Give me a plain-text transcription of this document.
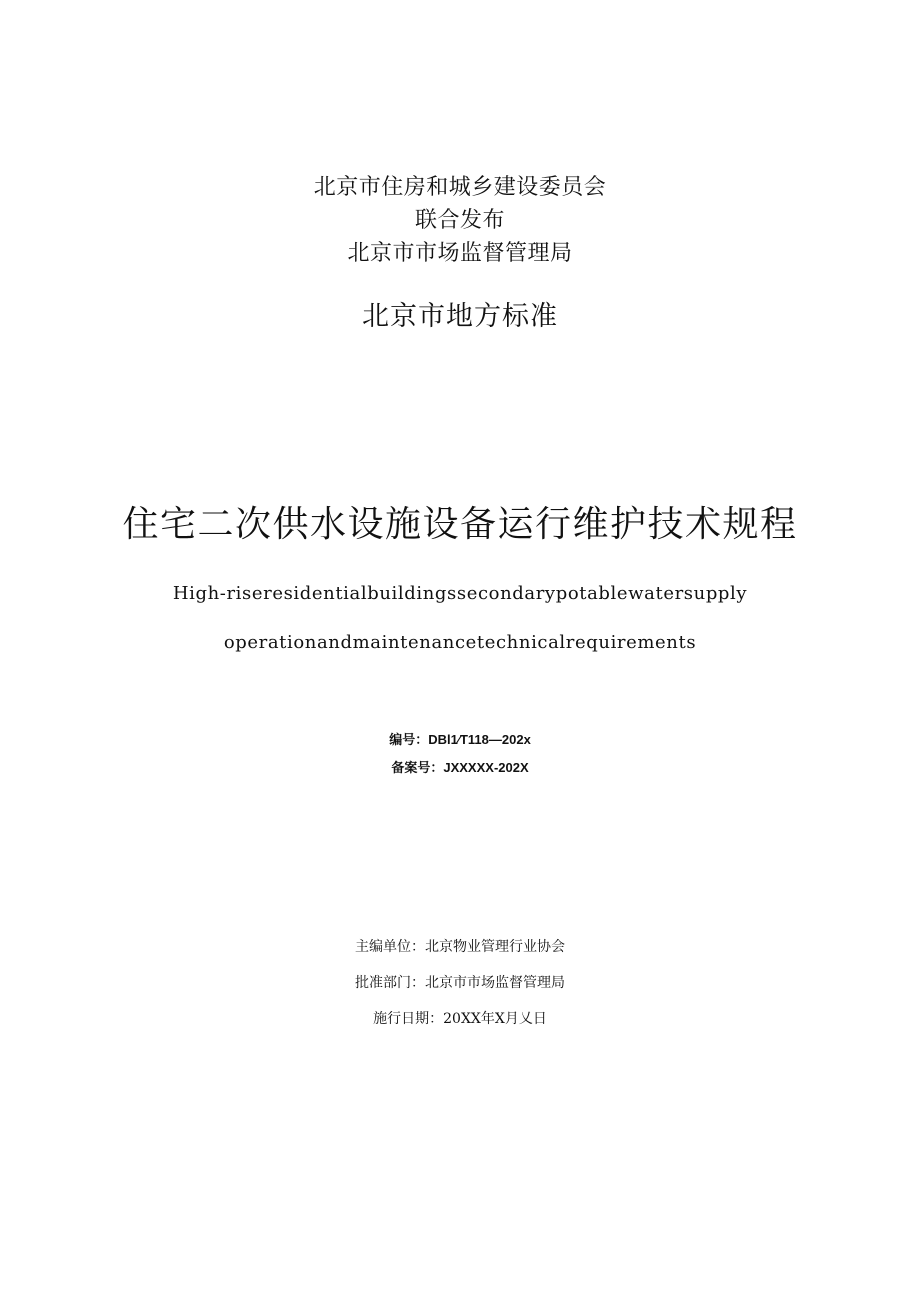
北京市住房和城乡建设委员会
联合发布
北京市市场监督管理局
北京市地方标准
住宅二次供水设施设备运行维护技术规程
High-riseresidentialbuildingssecondarypotablewatersupply
operationandmaintenancetechnicalrequirements
编号：DBl1⁄T118—202x
备案号：JXXXXX-202X
主编单位：北京物业管理行业协会
批准部门：北京市市场监督管理局
施行日期：20XX年X月乂日
